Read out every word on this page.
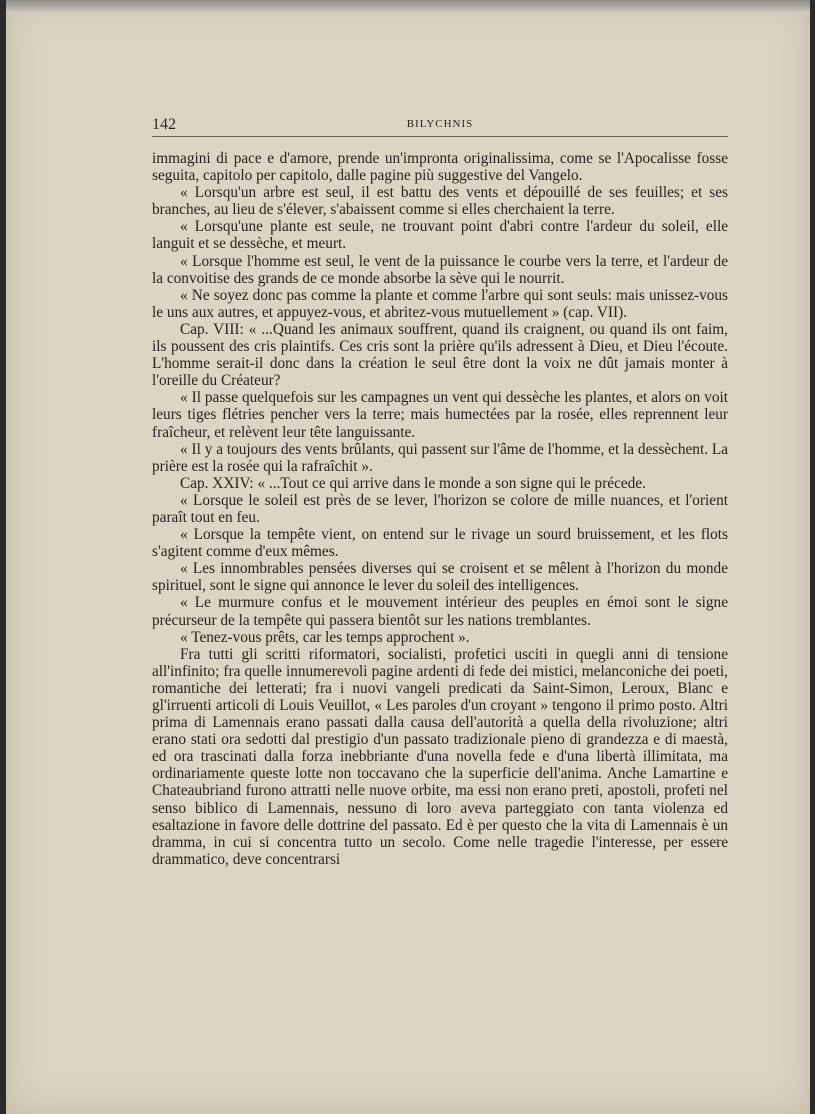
142	BILYCHNIS

immagini di pace e d'amore, prende un'impronta originalissima, come se l'Apocalisse fosse seguita, capitolo per capitolo, dalle pagine più suggestive del Vangelo.

« Lorsqu'un arbre est seul, il est battu des vents et dépouillé de ses feuilles; et ses branches, au lieu de s'élever, s'abaissent comme si elles cherchaient la terre.

« Lorsqu'une plante est seule, ne trouvant point d'abri contre l'ardeur du soleil, elle languit et se dessèche, et meurt.

« Lorsque l'homme est seul, le vent de la puissance le courbe vers la terre, et l'ardeur de la convoitise des grands de ce monde absorbe la sève qui le nourrit.

« Ne soyez donc pas comme la plante et comme l'arbre qui sont seuls: mais unissez-vous le uns aux autres, et appuyez-vous, et abritez-vous mutuellement » (cap. VII).

Cap. VIII: « ...Quand les animaux souffrent, quand ils craignent, ou quand ils ont faim, ils poussent des cris plaintifs. Ces cris sont la prière qu'ils adressent à Dieu, et Dieu l'écoute. L'homme serait-il donc dans la création le seul être dont la voix ne dût jamais monter à l'oreille du Créateur?

« Il passe quelquefois sur les campagnes un vent qui dessèche les plantes, et alors on voit leurs tiges flétries pencher vers la terre; mais humectées par la rosée, elles reprennent leur fraîcheur, et relèvent leur tête languissante.

« Il y a toujours des vents brûlants, qui passent sur l'âme de l'homme, et la dessèchent. La prière est la rosée qui la rafraîchit ».

Cap. XXIV: « ...Tout ce qui arrive dans le monde a son signe qui le précede.

« Lorsque le soleil est près de se lever, l'horizon se colore de mille nuances, et l'orient paraît tout en feu.

« Lorsque la tempête vient, on entend sur le rivage un sourd bruissement, et les flots s'agitent comme d'eux mêmes.

« Les innombrables pensées diverses qui se croisent et se mêlent à l'horizon du monde spirituel, sont le signe qui annonce le lever du soleil des intelligences.

« Le murmure confus et le mouvement intérieur des peuples en émoi sont le signe précurseur de la tempête qui passera bientôt sur les nations tremblantes.

« Tenez-vous prêts, car les temps approchent ».

Fra tutti gli scritti riformatori, socialisti, profetici usciti in quegli anni di tensione all'infinito; fra quelle innumerevoli pagine ardenti di fede dei mistici, melanconiche dei poeti, romantiche dei letterati; fra i nuovi vangeli predicati da Saint-Simon, Leroux, Blanc e gl'irruenti articoli di Louis Veuillot, « Les paroles d'un croyant » tengono il primo posto. Altri prima di Lamennais erano passati dalla causa dell'autorità a quella della rivoluzione; altri erano stati ora sedotti dal prestigio d'un passato tradizionale pieno di grandezza e di maestà, ed ora trascinati dalla forza inebbriante d'una novella fede e d'una libertà illimitata, ma ordinariamente queste lotte non toccavano che la superficie dell'anima. Anche Lamartine e Chateaubriand furono attratti nelle nuove orbite, ma essi non erano preti, apostoli, profeti nel senso biblico di Lamennais, nessuno di loro aveva parteggiato con tanta violenza ed esaltazione in favore delle dottrine del passato. Ed è per questo che la vita di Lamennais è un dramma, in cui si concentra tutto un secolo. Come nelle tragedie l'interesse, per essere drammatico, deve concentrarsi
